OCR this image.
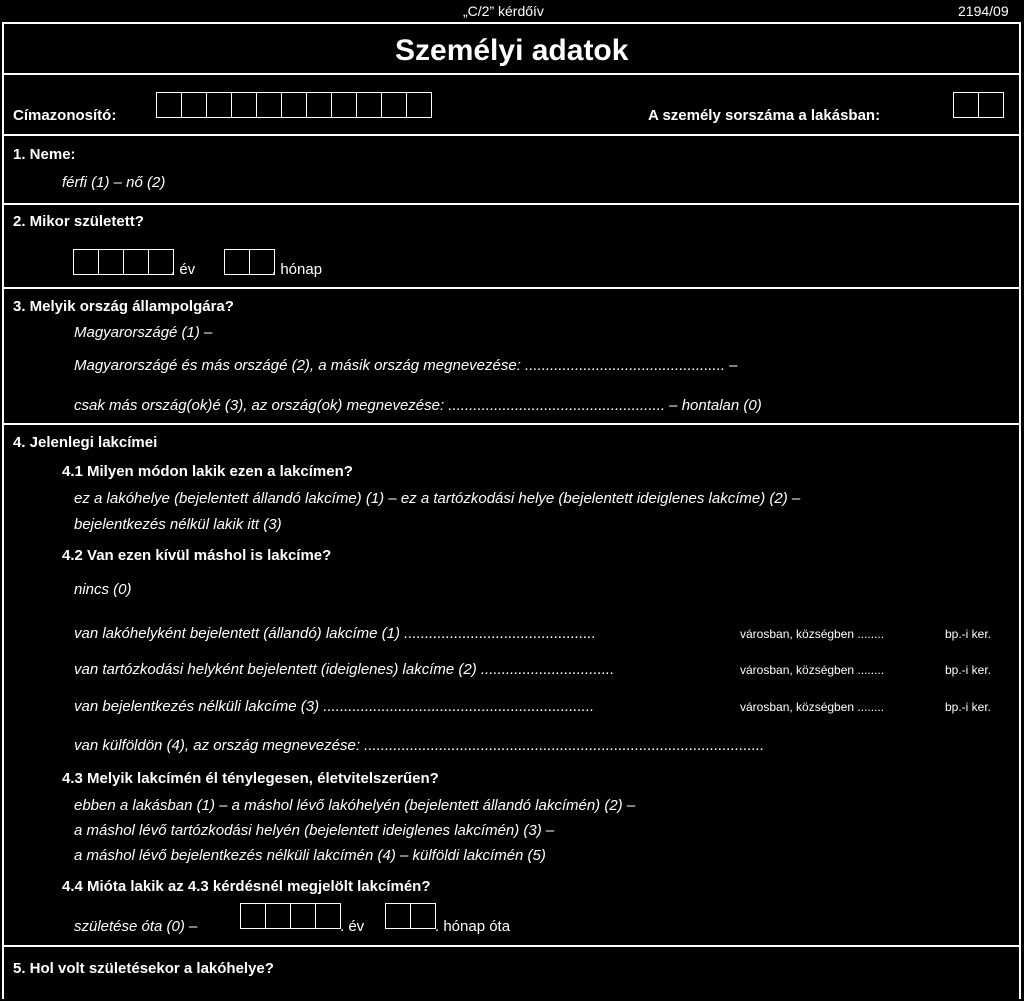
„C/2” kérdőív	2194/09
Személyi adatok
Címazonosító:	A személy sorszáma a lakásban:
1. Neme:
férfi (1) – nő (2)
2. Mikor született?
. év	. hónap
3. Melyik ország állampolgára?
Magyarországé (1) –
Magyarországé és más országé (2), a másik ország megnevezése: ................................................ –
csak más ország(ok)é (3), az ország(ok) megnevezése: .................................................... – hontalan (0)
4. Jelenlegi lakcímei
4.1 Milyen módon lakik ezen a lakcímen?
ez a lakóhelye (bejelentett állandó lakcíme) (1) – ez a tartózkodási helye (bejelentett ideiglenes lakcíme) (2) –
bejelentkezés nélkül lakik itt (3)
4.2 Van ezen kívül máshol is lakcíme?
nincs (0)
van lakóhelyként bejelentett (állandó) lakcíme (1) ..............................................	városban, községben ........	bp.-i ker.
van tartózkodási helyként bejelentett (ideiglenes) lakcíme (2) ................................	városban, községben ........	bp.-i ker.
van bejelentkezés nélküli lakcíme (3) .................................................................	városban, községben ........	bp.-i ker.
van külföldön (4), az ország megnevezése: ................................................................................................
4.3 Melyik lakcímén él ténylegesen, életvitelszerűen?
ebben a lakásban (1) – a máshol lévő lakóhelyén (bejelentett állandó lakcímén) (2) –
a máshol lévő tartózkodási helyén (bejelentett ideiglenes lakcímén) (3) –
a máshol lévő bejelentkezés nélküli lakcímén (4) – külföldi lakcímén (5)
4.4 Mióta lakik az 4.3 kérdésnél megjelölt lakcímén?
születése óta (0) –	. év	. hónap óta
5. Hol volt születésekor a lakóhelye?
